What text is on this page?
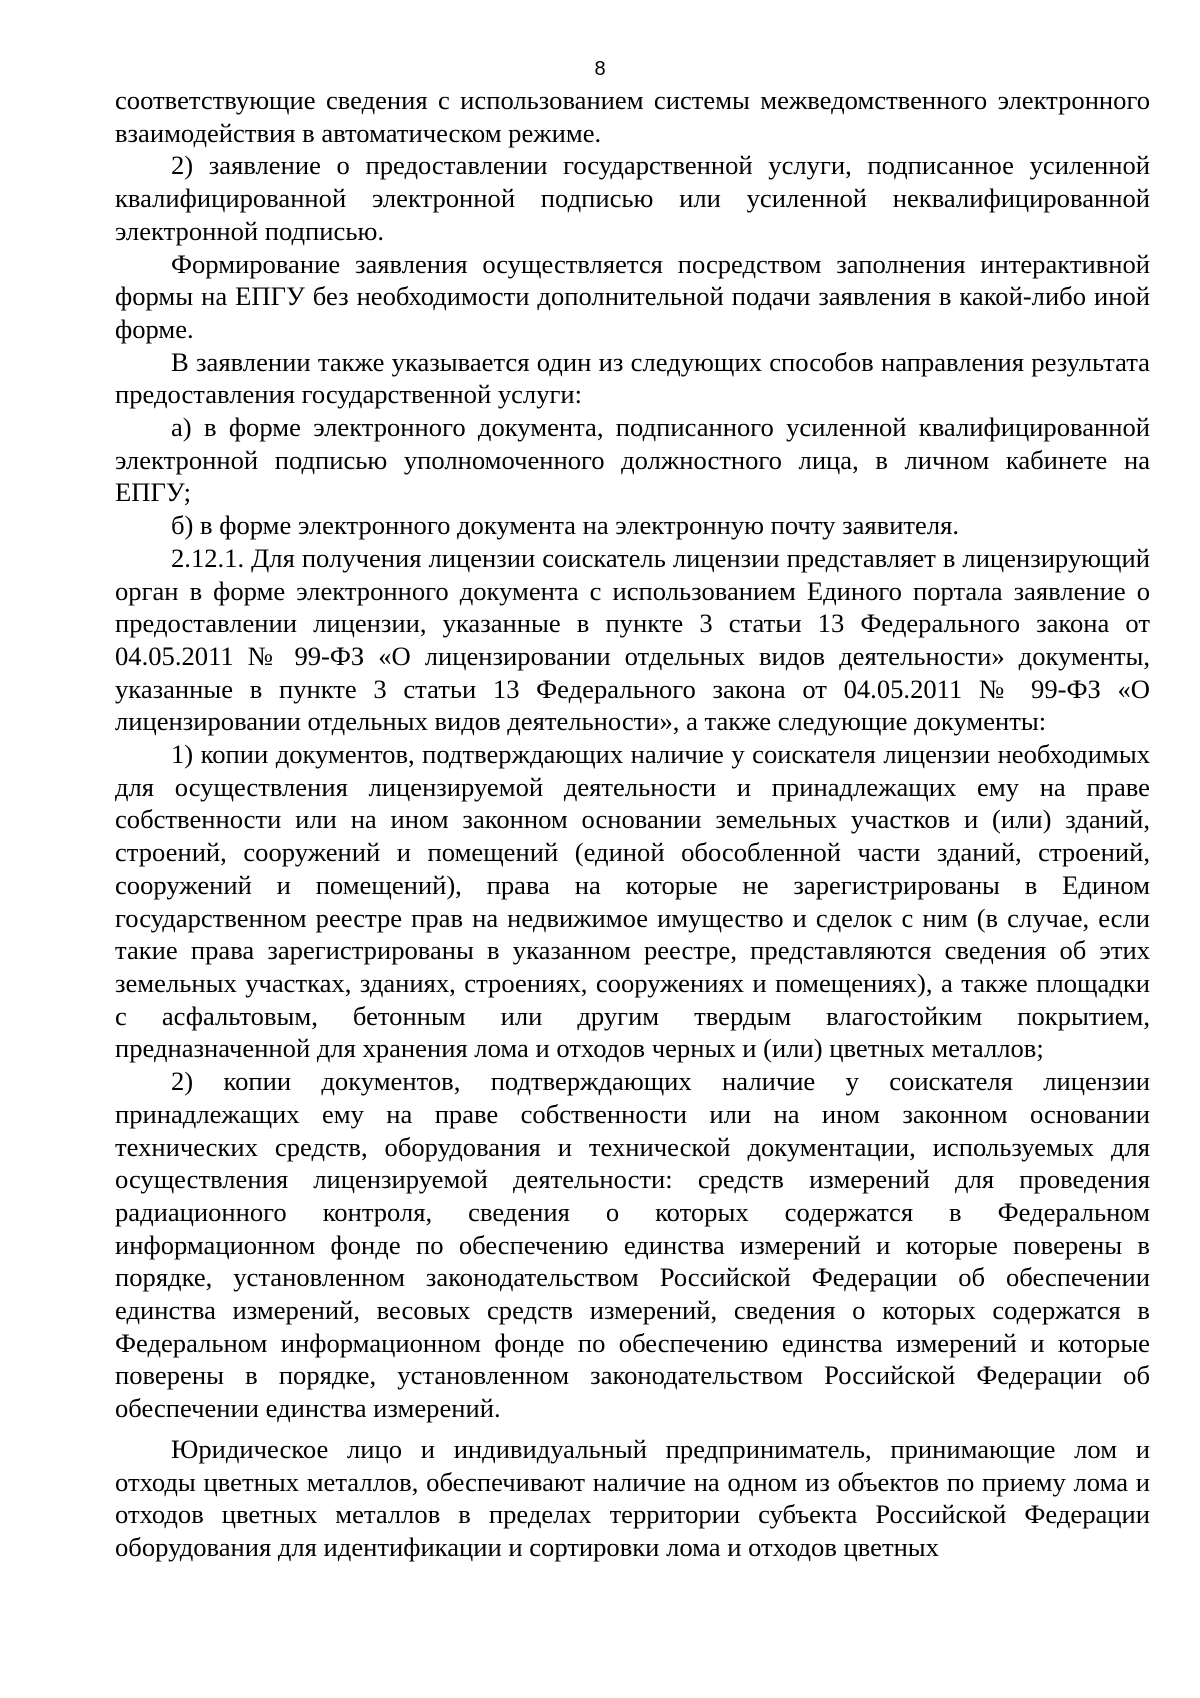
8

соответствующие сведения с использованием системы межведомственного электронного взаимодействия в автоматическом режиме.

2) заявление о предоставлении государственной услуги, подписанное усиленной квалифицированной электронной подписью или усиленной неквалифицированной электронной подписью.

Формирование заявления осуществляется посредством заполнения интерактивной формы на ЕПГУ без необходимости дополнительной подачи заявления в какой-либо иной форме.

В заявлении также указывается один из следующих способов направления результата предоставления государственной услуги:

а) в форме электронного документа, подписанного усиленной квалифицированной электронной подписью уполномоченного должностного лица, в личном кабинете на ЕПГУ;

б) в форме электронного документа на электронную почту заявителя.

2.12.1. Для получения лицензии соискатель лицензии представляет в лицензирующий орган в форме электронного документа с использованием Единого портала заявление о предоставлении лицензии, указанные в пункте 3 статьи 13 Федерального закона от 04.05.2011 № 99-ФЗ «О лицензировании отдельных видов деятельности» документы, указанные в пункте 3 статьи 13 Федерального закона от 04.05.2011 № 99-ФЗ «О лицензировании отдельных видов деятельности», а также следующие документы:

1) копии документов, подтверждающих наличие у соискателя лицензии необходимых для осуществления лицензируемой деятельности и принадлежащих ему на праве собственности или на ином законном основании земельных участков и (или) зданий, строений, сооружений и помещений (единой обособленной части зданий, строений, сооружений и помещений), права на которые не зарегистрированы в Едином государственном реестре прав на недвижимое имущество и сделок с ним (в случае, если такие права зарегистрированы в указанном реестре, представляются сведения об этих земельных участках, зданиях, строениях, сооружениях и помещениях), а также площадки с асфальтовым, бетонным или другим твердым влагостойким покрытием, предназначенной для хранения лома и отходов черных и (или) цветных металлов;

2) копии документов, подтверждающих наличие у соискателя лицензии принадлежащих ему на праве собственности или на ином законном основании технических средств, оборудования и технической документации, используемых для осуществления лицензируемой деятельности: средств измерений для проведения радиационного контроля, сведения о которых содержатся в Федеральном информационном фонде по обеспечению единства измерений и которые поверены в порядке, установленном законодательством Российской Федерации об обеспечении единства измерений, весовых средств измерений, сведения о которых содержатся в Федеральном информационном фонде по обеспечению единства измерений и которые поверены в порядке, установленном законодательством Российской Федерации об обеспечении единства измерений.

Юридическое лицо и индивидуальный предприниматель, принимающие лом и отходы цветных металлов, обеспечивают наличие на одном из объектов по приему лома и отходов цветных металлов в пределах территории субъекта Российской Федерации оборудования для идентификации и сортировки лома и отходов цветных
